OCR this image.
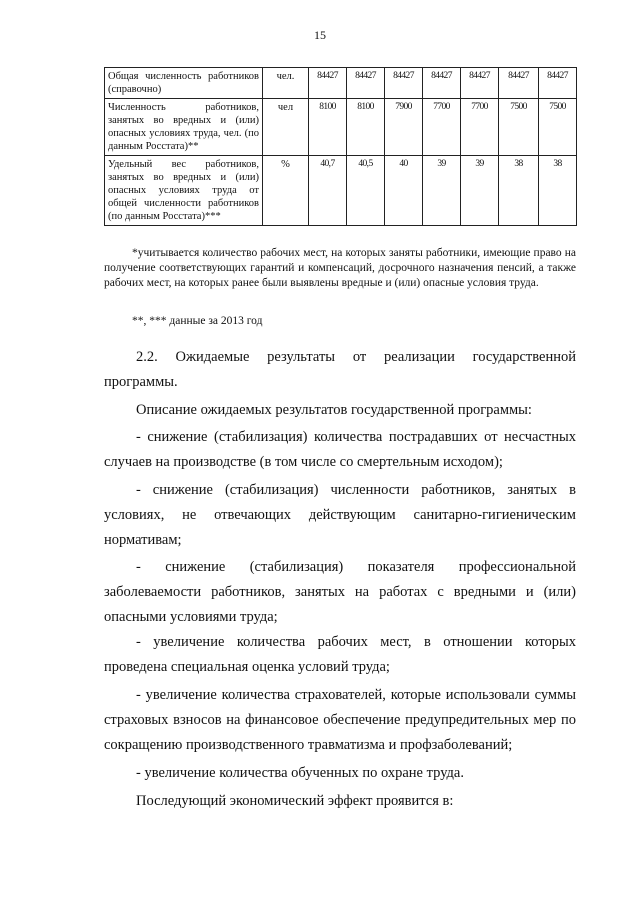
15
Общая численность работников (справочно)	чел.	84427	84427	84427	84427	84427	84427	84427
Численность работников, занятых во вредных и (или) опасных условиях труда, чел. (по данным Росстата)**	чел	8100	8100	7900	7700	7700	7500	7500
Удельный вес работников, занятых во вредных и (или) опасных условиях труда от общей численности работников (по данным Росстата)***	%	40,7	40,5	40	39	39	38	38
*учитывается количество рабочих мест, на которых заняты работники, имеющие право на получение соответствующих гарантий и компенсаций, досрочного назначения пенсий, а также рабочих мест, на которых ранее были выявлены вредные и (или) опасные условия труда.
**, *** данные за 2013 год

2.2. Ожидаемые результаты от реализации государственной программы.

Описание ожидаемых результатов государственной программы:

- снижение (стабилизация) количества пострадавших от несчастных случаев на производстве (в том числе со смертельным исходом);

- снижение (стабилизация) численности работников, занятых в условиях, не отвечающих действующим санитарно-гигиеническим нормативам;

- снижение (стабилизация) показателя профессиональной заболеваемости работников, занятых на работах с вредными и (или) опасными условиями труда;

- увеличение количества рабочих мест, в отношении которых проведена специальная оценка условий труда;

- увеличение количества страхователей, которые использовали суммы страховых взносов на финансовое обеспечение предупредительных мер по сокращению производственного травматизма и профзаболеваний;

- увеличение количества обученных по охране труда.

Последующий экономический эффект проявится в:
